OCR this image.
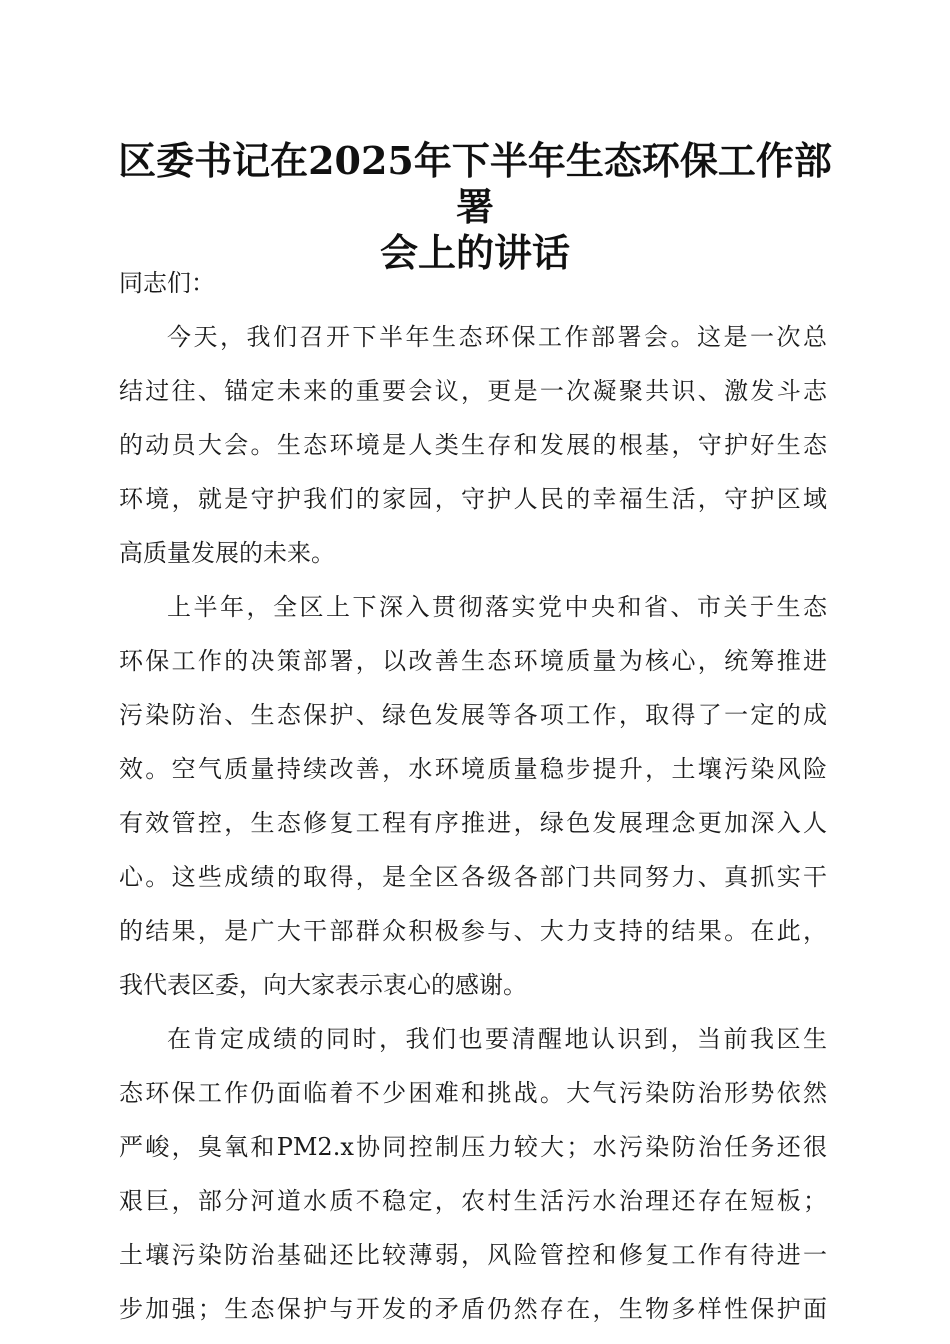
区委书记在2025年下半年生态环保工作部署
会上的讲话
同志们：
今天，我们召开下半年生态环保工作部署会。这是一次总
结过往、锚定未来的重要会议，更是一次凝聚共识、激发斗志
的动员大会。生态环境是人类生存和发展的根基，守护好生态
环境，就是守护我们的家园，守护人民的幸福生活，守护区域
高质量发展的未来。
上半年，全区上下深入贯彻落实党中央和省、市关于生态
环保工作的决策部署，以改善生态环境质量为核心，统筹推进
污染防治、生态保护、绿色发展等各项工作，取得了一定的成
效。空气质量持续改善，水环境质量稳步提升，土壤污染风险
有效管控，生态修复工程有序推进，绿色发展理念更加深入人
心。这些成绩的取得，是全区各级各部门共同努力、真抓实干
的结果，是广大干部群众积极参与、大力支持的结果。在此，
我代表区委，向大家表示衷心的感谢。
在肯定成绩的同时，我们也要清醒地认识到，当前我区生
态环保工作仍面临着不少困难和挑战。大气污染防治形势依然
严峻，臭氧和PM2.x协同控制压力较大；水污染防治任务还很
艰巨，部分河道水质不稳定，农村生活污水治理还存在短板；
土壤污染防治基础还比较薄弱，风险管控和修复工作有待进一
步加强；生态保护与开发的矛盾仍然存在，生物多样性保护面
